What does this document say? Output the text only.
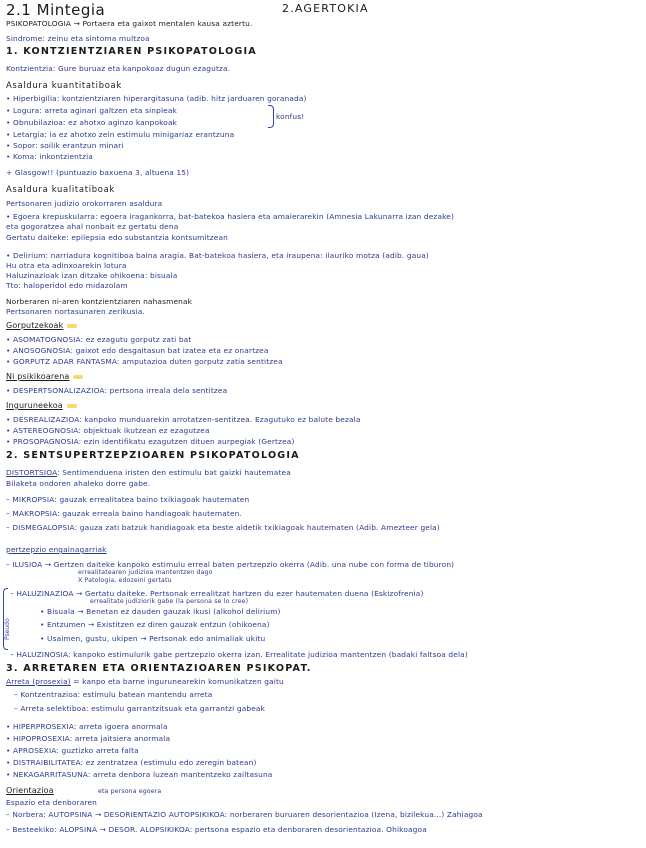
2.1 Mintegia	2.AGERTOKIA
PSIKOPATOLOGIA → Portaera eta gaixot mentalen kausa aztertu.
Sindrome: zeinu eta sintoma multzoa
1. KONTZIENTZIAREN PSIKOPATOLOGIA
Kontzientzia: Gure buruaz eta kanpokoaz dugun ezagutza.
Asaldura kuantitatiboak
• Hiperbigilia: kontzientziaren hiperargitasuna (adib. hitz jarduaren goranada)
• Logura: arreta aginari galtzen eta sinpleak
• Obnubilazioa: ez ahotxo aginzo kanpokoak
konfus!
• Letargia: ia ez ahotxo zein estimulu minigariaz erantzuna
• Sopor: soilik erantzun minari
• Koma: inkontzientzia
+ Glasgow!! (puntuazio baxuena 3, altuena 15)
Asaldura kualitatiboak
Pertsonaren judizio orokorraren asaldura
• Egoera krepuskularra: egoera iragankorra, bat-batekoa hasiera eta amaierarekin (Amnesia Lakunarra izan dezake)
eta gogoratzea ahal nonbait ez gertatu dena
Gertatu daiteke: epilepsia edo substantzia kontsumitzean
• Delirium: narriadura kognitiboa baina aragia. Bat-batekoa hasiera, eta iraupena: ilauriko motza (adib. gaua)
Hu otra eta adinxoarekin lotura
Haluzinazioak izan ditzake ohikoena: bisuala
Tto: haloperidol edo midazolam
Norberaren ni-aren kontzientziaren nahasmenak
Pertsonaren nortasunaren zerikusia.
Gorputzekoak
• ASOMATOGNOSIA: ez ezagutu gorputz zati bat
• ANOSOGNOSIA: gaixot edo desgaitasun bat izatea eta ez onartzea
• GORPUTZ ADAR FANTASMA: amputazioa duten gorputz zatia sentitzea
Ni psikikoarena
• DESPERTSONALIZAZIOA: pertsona irreala dela sentitzea
Inguruneekoa
• DESREALIZAZIOA: kanpoko munduarekin arrotatzen-sentitzea. Ezagutuko ez balute bezala
• ASTEREOGNOSIA: objektuak ikutzean ez ezagutzea
• PROSOPAGNOSIA: ezin identifikatu ezagutzen dituen aurpegiak (Gertzea)
2. SENTSUPERTZEPZIOAREN PSIKOPATOLOGIA
DISTORTSIOA: Sentimenduena iristen den estimulu bat gaizki hautematea
Bilaketa ondoren ahaleko dorre gabe.
– MIKROPSIA: gauzak errealitatea baino txikiagoak hautematen
– MAKROPSIA: gauzak erreala baino handiagoak hautematen.
– DISMEGALOPSIA: gauza zati batzuk handiagoak eta beste aldetik txikiagoak hautematen (Adib. Amezteer gela)
pertzepzio engainagarriak
– ILUSIOA → Gertzen daiteke kanpoko estimulu erreal baten pertzepzio okerra (Adib. una nube con forma de tiburon)
errealitatearen judizioa mantentzen dago
X Patologia, edozeini gertatu
Pseudo
– HALUZINAZIOA → Gertatu daiteke. Pertsonak errealitzat hartzen du ezer hautematen duena (Eskizofrenia)
errealitate judiziorik gabe (la persona se lo cree)
• Bisuala → Benetan ez dauden gauzak ikusi (alkohol delirium)
• Entzumen → Existitzen ez diren gauzak entzun (ohikoena)
• Usaimen, gustu, ukipen → Pertsonak edo animaliak ukitu
– HALUZINOSIA: kanpoko estimulurik gabe pertzepzio okerra izan. Errealitate judizioa mantentzen (badaki faltsoa dela)
3. ARRETAREN ETA ORIENTAZIOAREN PSIKOPAT.
Arreta (prosexia) = kanpo eta barne ingurunearekin komunikatzen gaitu
– Kontzentrazioa: estimulu batean mantendu arreta
– Arreta selektiboa: estimulu garrantzitsuak eta garrantzi gabeak
• HIPERPROSEXIA: arreta igoera anormala
• HIPOPROSEXIA: arreta jaitsiera anormala
• APROSEXIA: guztizko arreta falta
• DISTRAIBILITATEA: ez zentratzea (estimulu edo zeregin batean)
• NEKAGARRITASUNA: arreta denbora luzean mantentzeko zailtasuna
Orientazioa
Espazio eta denboraren
eta persona egoera
– Norbera: AUTOPSINA → DESORIENTAZIO AUTOPSIKIKOA: norberaren buruaren desorientazioa (Izena, bizilekua...) Zahiagoa
– Besteekiko: ALOPSINA → DESOR. ALOPSIKIKOA: pertsona espazio eta denboraren desorientazioa. Ohikoagoa
